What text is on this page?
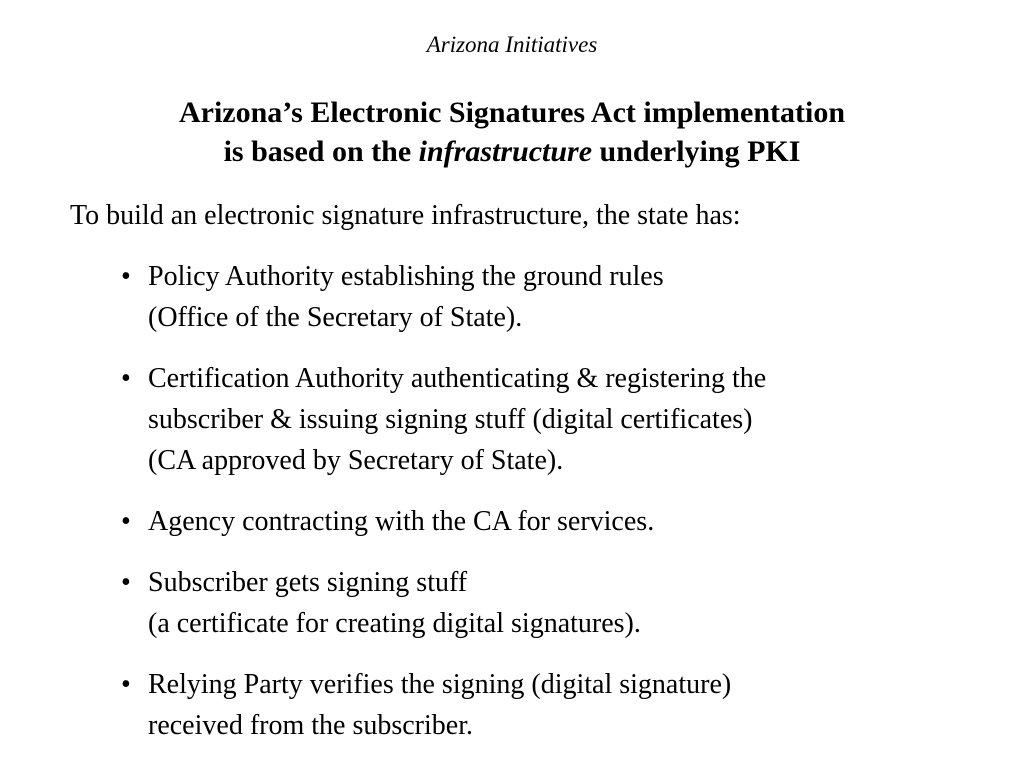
Arizona Initiatives
Arizona’s Electronic Signatures Act implementation
is based on the infrastructure underlying PKI
To build an electronic signature infrastructure, the state has:
• Policy Authority establishing the ground rules
(Office of the Secretary of State).
• Certification Authority authenticating & registering the
subscriber & issuing signing stuff (digital certificates)
(CA approved by Secretary of State).
• Agency contracting with the CA for services.
• Subscriber gets signing stuff
(a certificate for creating digital signatures).
• Relying Party verifies the signing (digital signature)
received from the subscriber.
